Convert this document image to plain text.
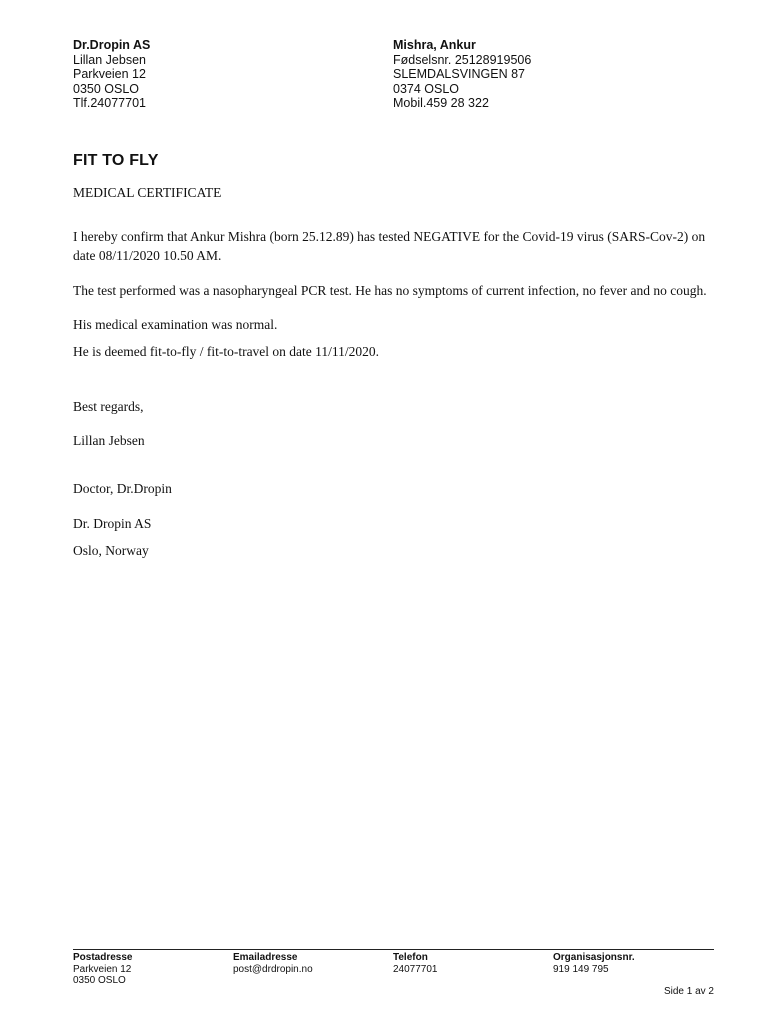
Dr.Dropin AS
Lillan Jebsen
Parkveien 12
0350 OSLO
Tlf.24077701
Mishra, Ankur
Fødselsnr. 25128919506
SLEMDALSVINGEN 87
0374 OSLO
Mobil.459 28 322
FIT TO FLY
MEDICAL CERTIFICATE
I hereby confirm that Ankur Mishra (born 25.12.89) has tested NEGATIVE for the Covid-19 virus (SARS-Cov-2) on date 08/11/2020 10.50 AM.
The test performed was a nasopharyngeal PCR test. He has no symptoms of current infection, no fever and no cough.
His medical examination was normal.
He is deemed fit-to-fly / fit-to-travel on date 11/11/2020.
Best regards,
Lillan Jebsen
Doctor, Dr.Dropin
Dr. Dropin AS
Oslo, Norway
Postadresse
Parkveien 12
0350 OSLO
Emailadresse
post@drdropin.no
Telefon
24077701
Organisasjonsnr.
919 149 795
Side 1 av 2
